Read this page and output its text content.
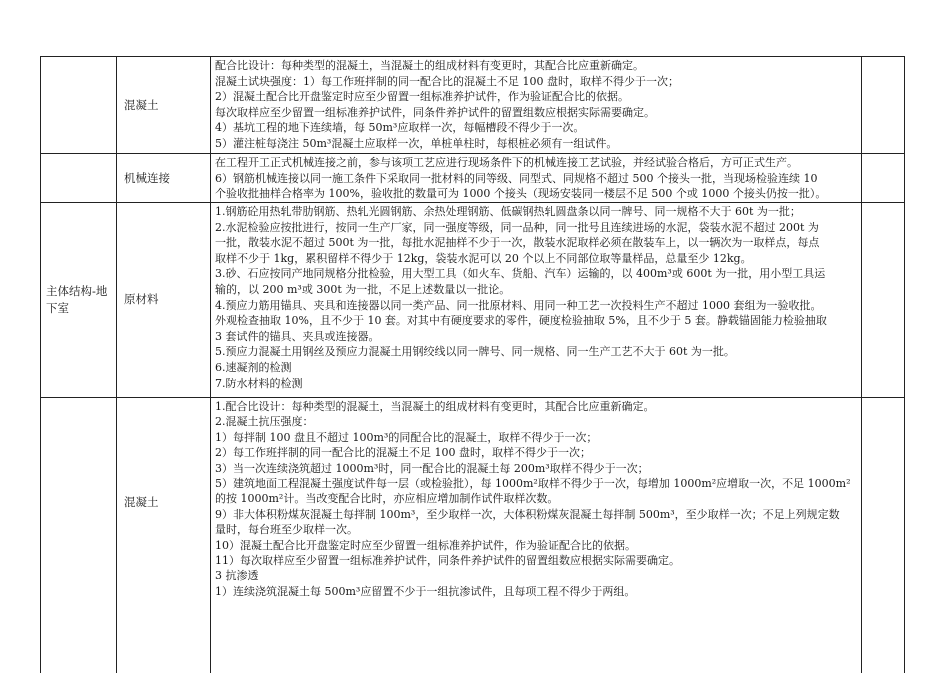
混凝土
配合比设计：每种类型的混凝土，当混凝土的组成材料有变更时，其配合比应重新确定。
混凝土试块强度：1）每工作班拌制的同一配合比的混凝土不足 100 盘时，取样不得少于一次；
2）混凝土配合比开盘鉴定时应至少留置一组标准养护试件，作为验证配合比的依据。
每次取样应至少留置一组标准养护试件，同条件养护试件的留置组数应根据实际需要确定。
4）基坑工程的地下连续墙，每 50m³应取样一次，每幅槽段不得少于一次。
5）灌注桩每浇注 50m³混凝土应取样一次，单桩单柱时，每根桩必须有一组试件。
机械连接
在工程开工正式机械连接之前，参与该项工艺应进行现场条件下的机械连接工艺试验，并经试验合格后，方可正式生产。
6）钢筋机械连接以同一施工条件下采取同一批材料的同等级、同型式、同规格不超过 500 个接头一批，当现场检验连续 10
个验收批抽样合格率为 100%，验收批的数量可为 1000 个接头（现场安装同一楼层不足 500 个或 1000 个接头仍按一批）。
主体结构-地下室
原材料
1.钢筋砼用热轧带肋钢筋、热轧光圆钢筋、余热处理钢筋、低碳钢热轧圆盘条以同一牌号、同一规格不大于 60t 为一批；
2.水泥检验应按批进行，按同一生产厂家，同一强度等级，同一品种，同一批号且连续进场的水泥，袋装水泥不超过 200t 为
一批，散装水泥不超过 500t 为一批，每批水泥抽样不少于一次，散装水泥取样必须在散装车上，以一辆次为一取样点，每点
取样不少于 1kg，累积留样不得少于 12kg，袋装水泥可以 20 个以上不同部位取等量样品，总量至少 12kg。
3.砂、石应按同产地同规格分批检验，用大型工具（如火车、货船、汽车）运输的，以 400m³或 600t 为一批，用小型工具运
输的，以 200 m³或 300t 为一批，不足上述数量以一批论。
4.预应力筋用锚具、夹具和连接器以同一类产品、同一批原材料、用同一种工艺一次投料生产不超过 1000 套组为一验收批。
外观检查抽取 10%，且不少于 10 套。对其中有硬度要求的零件，硬度检验抽取 5%，且不少于 5 套。静载锚固能力检验抽取
3 套试件的锚具、夹具或连接器。
5.预应力混凝土用钢丝及预应力混凝土用钢绞线以同一牌号、同一规格、同一生产工艺不大于 60t 为一批。
6.速凝剂的检测
7.防水材料的检测
混凝土
1.配合比设计：每种类型的混凝土，当混凝土的组成材料有变更时，其配合比应重新确定。
2.混凝土抗压强度：
1）每拌制 100 盘且不超过 100m³的同配合比的混凝土，取样不得少于一次；
2）每工作班拌制的同一配合比的混凝土不足 100 盘时，取样不得少于一次；
3）当一次连续浇筑超过 1000m³时，同一配合比的混凝土每 200m³取样不得少于一次；
5）建筑地面工程混凝土强度试件每一层（或检验批），每 1000m²取样不得少于一次，每增加 1000m²应增取一次，不足 1000m²
的按 1000m²计。当改变配合比时，亦应相应增加制作试件取样次数。
9）非大体积粉煤灰混凝土每拌制 100m³，至少取样一次，大体积粉煤灰混凝土每拌制 500m³，至少取样一次；不足上列规定数
量时，每台班至少取样一次。
10）混凝土配合比开盘鉴定时应至少留置一组标准养护试件，作为验证配合比的依据。
11）每次取样应至少留置一组标准养护试件，同条件养护试件的留置组数应根据实际需要确定。
3 抗渗透
1）连续浇筑混凝土每 500m³应留置不少于一组抗渗试件，且每项工程不得少于两组。
